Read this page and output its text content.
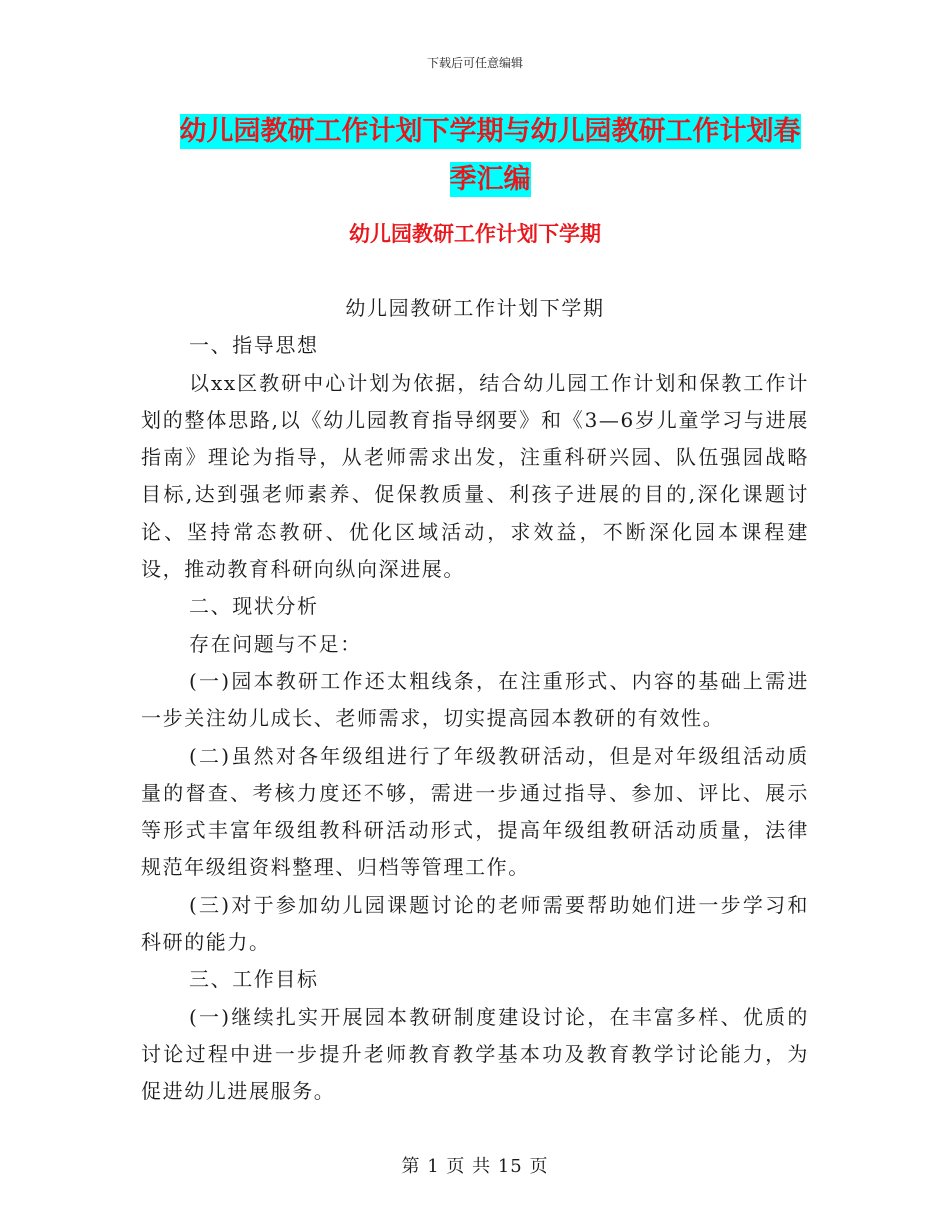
下载后可任意编辑
幼儿园教研工作计划下学期与幼儿园教研工作计划春
季汇编
幼儿园教研工作计划下学期

幼儿园教研工作计划下学期

一、指导思想

以xx区教研中心计划为依据，结合幼儿园工作计划和保教工作计划的整体思路,以《幼儿园教育指导纲要》和《3—6岁儿童学习与进展指南》理论为指导，从老师需求出发，注重科研兴园、队伍强园战略目标,达到强老师素养、促保教质量、利孩子进展的目的,深化课题讨论、坚持常态教研、优化区域活动，求效益，不断深化园本课程建设，推动教育科研向纵向深进展。

二、现状分析

存在问题与不足：

(一)园本教研工作还太粗线条，在注重形式、内容的基础上需进一步关注幼儿成长、老师需求，切实提高园本教研的有效性。

(二)虽然对各年级组进行了年级教研活动，但是对年级组活动质量的督查、考核力度还不够，需进一步通过指导、参加、评比、展示等形式丰富年级组教科研活动形式，提高年级组教研活动质量，法律规范年级组资料整理、归档等管理工作。

(三)对于参加幼儿园课题讨论的老师需要帮助她们进一步学习和科研的能力。

三、工作目标

(一)继续扎实开展园本教研制度建设讨论，在丰富多样、优质的讨论过程中进一步提升老师教育教学基本功及教育教学讨论能力，为促进幼儿进展服务。

第 1 页 共 15 页
